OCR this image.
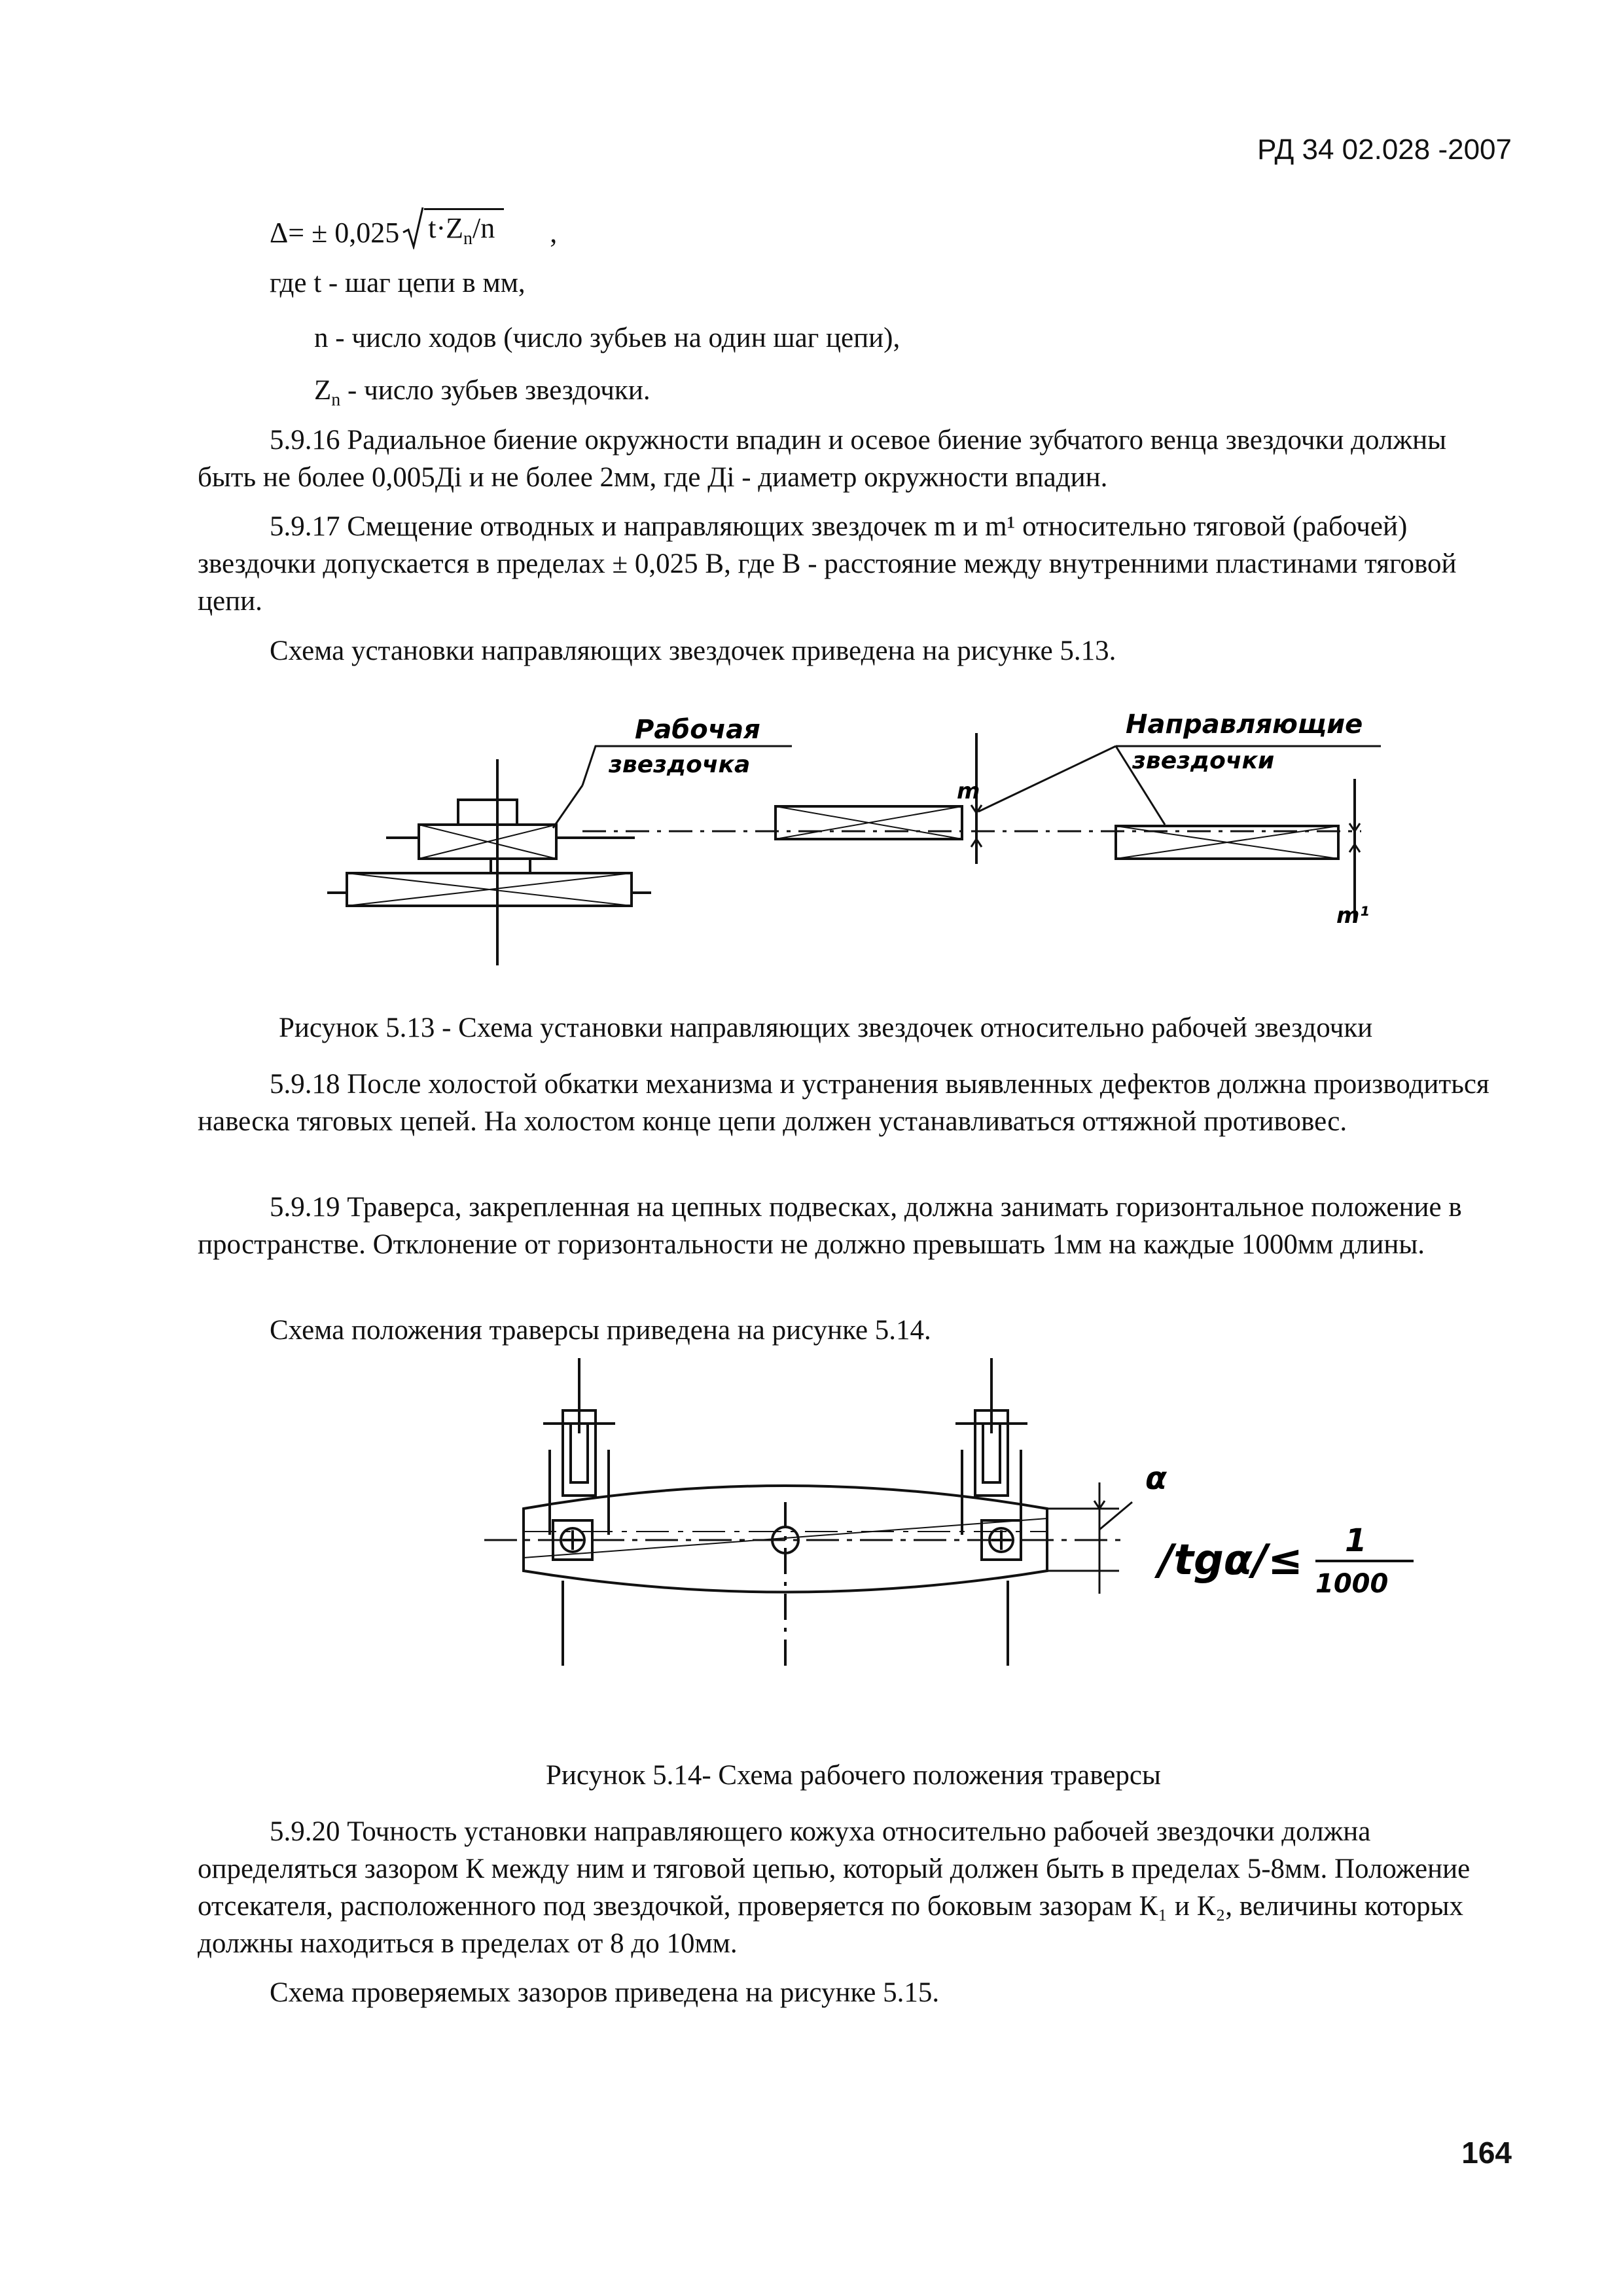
РД 34 02.028 -2007
Δ= ± 0,025 $t\cdot Z_n/n$	,
где t - шаг цепи в мм,
n - число ходов (число зубьев на один шаг цепи),
$Z_n$ - число зубьев звездочки.
5.9.16 Радиальное биение окружности впадин и осевое биение зубчатого венца звездочки должны быть не более 0,005Дi и не более 2мм, где Дi - диаметр окружности впадин.
5.9.17 Смещение отводных и направляющих звездочек m и m¹ относительно тяговой (рабочей) звездочки допускается в пределах ± 0,025 В, где В - расстояние между внутренними пластинами тяговой цепи.
Схема установки направляющих звездочек приведена на рисунке 5.13.
Рабочая
звездочка
Направляющие
звездочки
m
m¹
Рисунок 5.13 - Схема установки направляющих звездочек относительно рабочей звездочки
5.9.18 После холостой обкатки механизма и устранения выявленных дефектов должна производиться навеска тяговых цепей. На холостом конце цепи должен устанавливаться оттяжной противовес.
5.9.19 Траверса, закрепленная на цепных подвесках, должна занимать горизонтальное положение в пространстве. Отклонение от горизонтальности не должно превышать 1мм на каждые 1000мм длины.
Схема положения траверсы приведена на рисунке 5.14.
α
/tgα/≤ 1
1000
Рисунок 5.14- Схема рабочего положения траверсы
5.9.20 Точность установки направляющего кожуха относительно рабочей звездочки должна определяться зазором К между ним и тяговой цепью, который должен быть в пределах 5-8мм. Положение отсекателя, расположенного под звездочкой, проверяется по боковым зазорам К₁ и К₂, величины которых должны находиться в пределах от 8 до 10мм.
Схема проверяемых зазоров приведена на рисунке 5.15.
164
